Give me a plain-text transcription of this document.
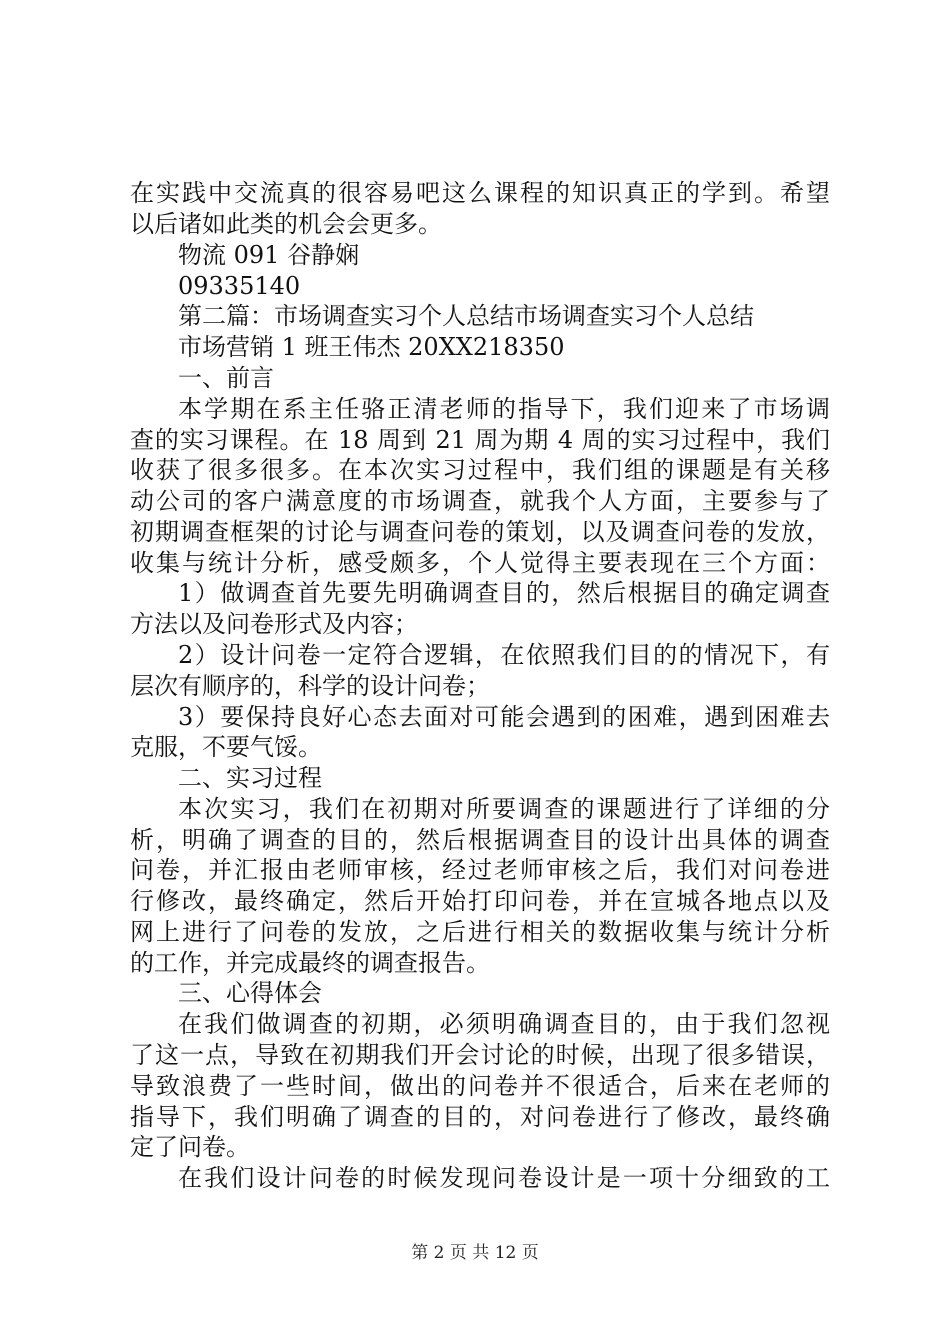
在实践中交流真的很容易吧这么课程的知识真正的学到。希望
以后诸如此类的机会会更多。
物流 091 谷静娴
09335140
第二篇：市场调查实习个人总结市场调查实习个人总结
市场营销 1 班王伟杰 20XX218350
一、前言
本学期在系主任骆正清老师的指导下，我们迎来了市场调
查的实习课程。在 18 周到 21 周为期 4 周的实习过程中，我们
收获了很多很多。在本次实习过程中，我们组的课题是有关移
动公司的客户满意度的市场调查，就我个人方面，主要参与了
初期调查框架的讨论与调查问卷的策划，以及调查问卷的发放，
收集与统计分析，感受颇多，个人觉得主要表现在三个方面：
1）做调查首先要先明确调查目的，然后根据目的确定调查
方法以及问卷形式及内容；
2）设计问卷一定符合逻辑，在依照我们目的的情况下，有
层次有顺序的，科学的设计问卷；
3）要保持良好心态去面对可能会遇到的困难，遇到困难去
克服，不要气馁。
二、实习过程
本次实习，我们在初期对所要调查的课题进行了详细的分
析，明确了调查的目的，然后根据调查目的设计出具体的调查
问卷，并汇报由老师审核，经过老师审核之后，我们对问卷进
行修改，最终确定，然后开始打印问卷，并在宣城各地点以及
网上进行了问卷的发放，之后进行相关的数据收集与统计分析
的工作，并完成最终的调查报告。
三、心得体会
在我们做调查的初期，必须明确调查目的，由于我们忽视
了这一点，导致在初期我们开会讨论的时候，出现了很多错误，
导致浪费了一些时间，做出的问卷并不很适合，后来在老师的
指导下，我们明确了调查的目的，对问卷进行了修改，最终确
定了问卷。
在我们设计问卷的时候发现问卷设计是一项十分细致的工
第 2 页 共 12 页
